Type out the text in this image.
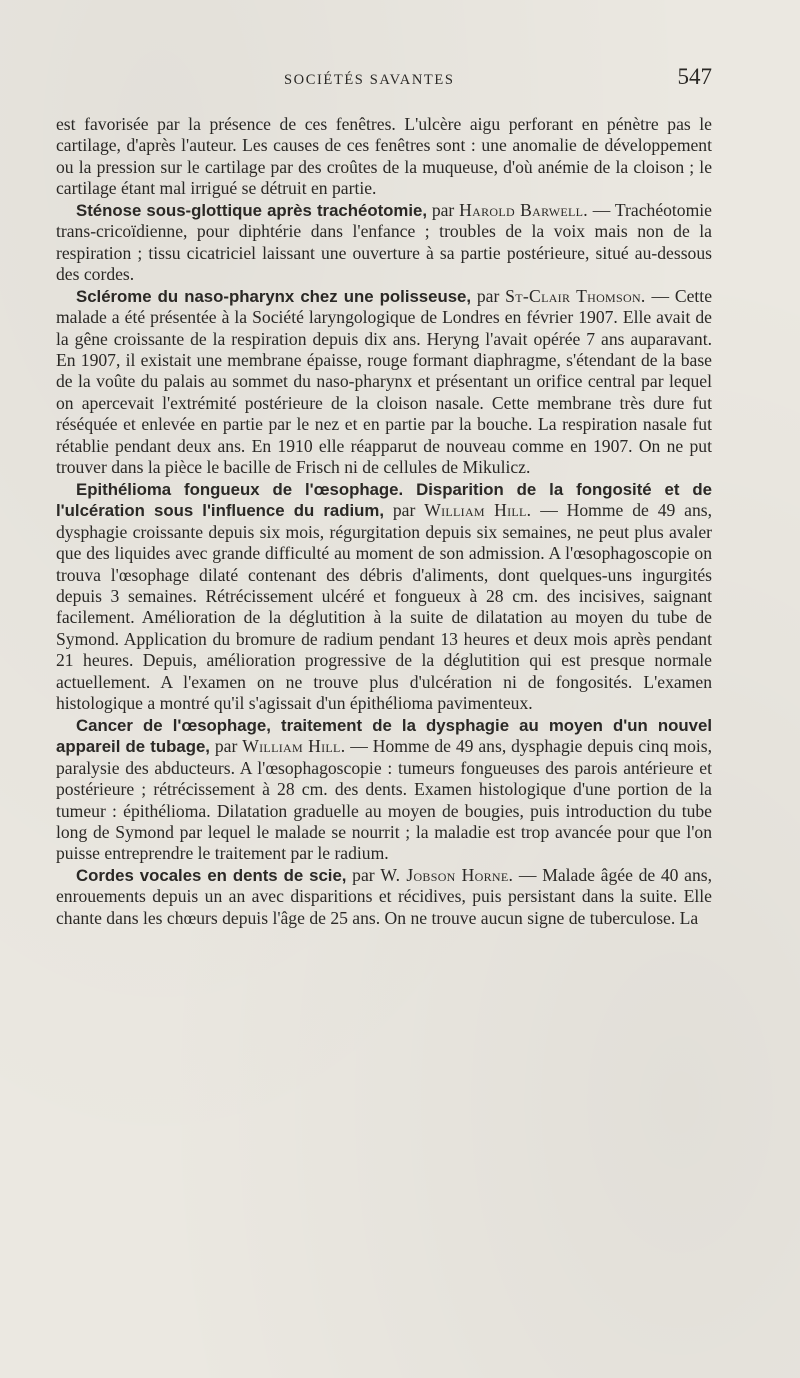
SOCIÉTÉS SAVANTES	547

est favorisée par la présence de ces fenêtres. L'ulcère aigu perforant en pénètre pas le cartilage, d'après l'auteur. Les causes de ces fenêtres sont : une anomalie de développement ou la pression sur le cartilage par des croûtes de la muqueuse, d'où anémie de la cloison ; le cartilage étant mal irrigué se détruit en partie.

Sténose sous-glottique après trachéotomie, par Harold Barwell. — Trachéotomie trans-cricoïdienne, pour diphtérie dans l'enfance ; troubles de la voix mais non de la respiration ; tissu cicatriciel laissant une ouverture à sa partie postérieure, situé au-dessous des cordes.

Sclérome du naso-pharynx chez une polisseuse, par St-Clair Thomson. — Cette malade a été présentée à la Société laryngologique de Londres en février 1907. Elle avait de la gêne croissante de la respiration depuis dix ans. Heryng l'avait opérée 7 ans auparavant. En 1907, il existait une membrane épaisse, rouge formant diaphragme, s'étendant de la base de la voûte du palais au sommet du naso-pharynx et présentant un orifice central par lequel on apercevait l'extrémité postérieure de la cloison nasale. Cette membrane très dure fut réséquée et enlevée en partie par le nez et en partie par la bouche. La respiration nasale fut rétablie pendant deux ans. En 1910 elle réapparut de nouveau comme en 1907. On ne put trouver dans la pièce le bacille de Frisch ni de cellules de Mikulicz.

Epithélioma fongueux de l'œsophage. Disparition de la fongosité et de l'ulcération sous l'influence du radium, par William Hill. — Homme de 49 ans, dysphagie croissante depuis six mois, régurgitation depuis six semaines, ne peut plus avaler que des liquides avec grande difficulté au moment de son admission. A l'œsophagoscopie on trouva l'œsophage dilaté contenant des débris d'aliments, dont quelques-uns ingurgités depuis 3 semaines. Rétrécissement ulcéré et fongueux à 28 cm. des incisives, saignant facilement. Amélioration de la déglutition à la suite de dilatation au moyen du tube de Symond. Application du bromure de radium pendant 13 heures et deux mois après pendant 21 heures. Depuis, amélioration progressive de la déglutition qui est presque normale actuellement. A l'examen on ne trouve plus d'ulcération ni de fongosités. L'examen histologique a montré qu'il s'agissait d'un épithélioma pavimenteux.

Cancer de l'œsophage, traitement de la dysphagie au moyen d'un nouvel appareil de tubage, par William Hill. — Homme de 49 ans, dysphagie depuis cinq mois, paralysie des abducteurs. A l'œsophagoscopie : tumeurs fongueuses des parois antérieure et postérieure ; rétrécissement à 28 cm. des dents. Examen histologique d'une portion de la tumeur : épithélioma. Dilatation graduelle au moyen de bougies, puis introduction du tube long de Symond par lequel le malade se nourrit ; la maladie est trop avancée pour que l'on puisse entreprendre le traitement par le radium.

Cordes vocales en dents de scie, par W. Jobson Horne. — Malade âgée de 40 ans, enrouements depuis un an avec disparitions et récidives, puis persistant dans la suite. Elle chante dans les chœurs depuis l'âge de 25 ans. On ne trouve aucun signe de tuberculose. La
